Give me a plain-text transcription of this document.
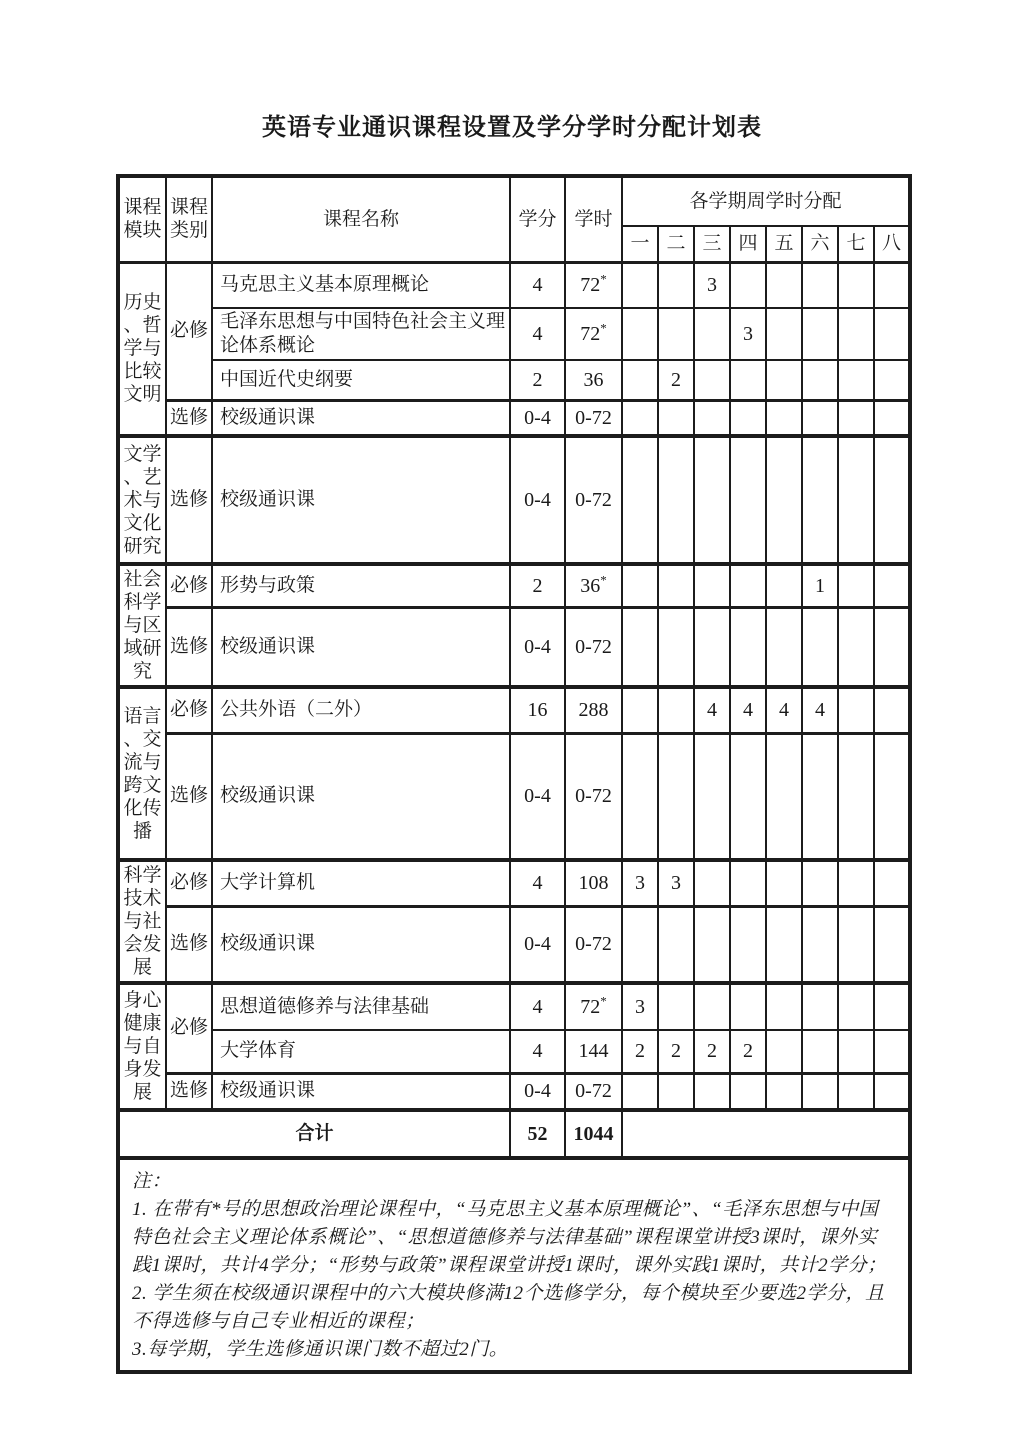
英语专业通识课程设置及学分学时分配计划表
课程模块	课程类别	课程名称	学分	学时	各学期周学时分配							
					一	二	三	四	五	六	七	八
历史、哲学与比较文明	必修	马克思主义基本原理概论	4	72*			3					
		毛泽东思想与中国特色社会主义理论体系概论	4	72*				3				
		中国近代史纲要	2	36		2						
	选修	校级通识课	0-4	0-72								
文学、艺术与文化研究	选修	校级通识课	0-4	0-72								
社会科学与区域研究	必修	形势与政策	2	36*						1		
	选修	校级通识课	0-4	0-72								
语言、交流与跨文化传播	必修	公共外语（二外）	16	288			4	4	4	4		
	选修	校级通识课	0-4	0-72								
科学技术与社会发展	必修	大学计算机	4	108	3	3						
	选修	校级通识课	0-4	0-72								
身心健康与自身发展	必修	思想道德修养与法律基础	4	72*	3							
		大学体育	4	144	2	2	2	2				
	选修	校级通识课	0-4	0-72								
合计			52	1044								

注：

1. 在带有*号的思想政治理论课程中，“马克思主义基本原理概论”、“毛泽东思想与中国特色社会主义理论体系概论”、“思想道德修养与法律基础”课程课堂讲授3课时，课外实践1课时，共计4学分；“形势与政策”课程课堂讲授1课时，课外实践1课时，共计2学分；

2. 学生须在校级通识课程中的六大模块修满12个选修学分，每个模块至少要选2学分，且不得选修与自己专业相近的课程；

3.每学期，学生选修通识课门数不超过2门。												
